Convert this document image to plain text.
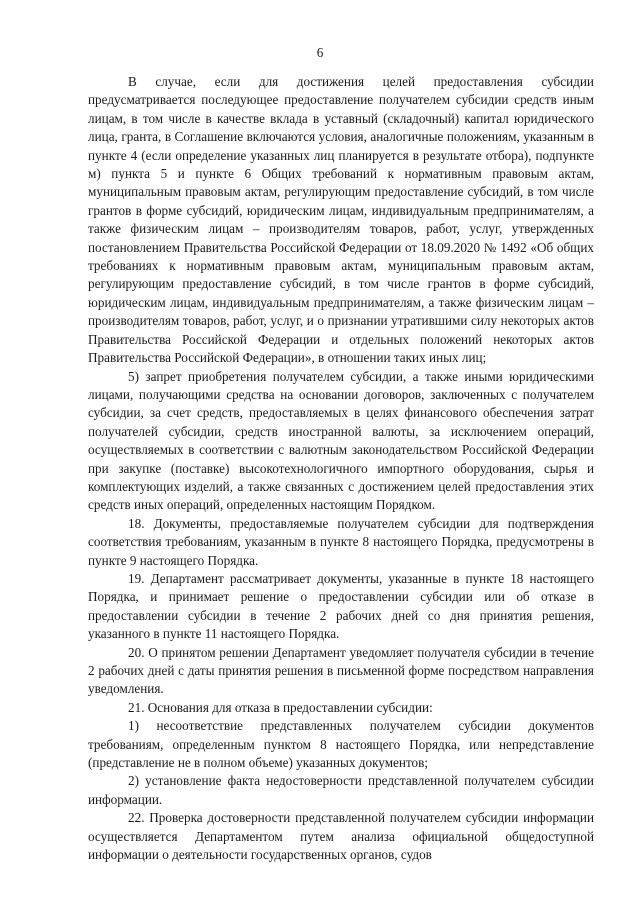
6

В случае, если для достижения целей предоставления субсидии предусматривается последующее предоставление получателем субсидии средств иным лицам, в том числе в качестве вклада в уставный (складочный) капитал юридического лица, гранта, в Соглашение включаются условия, аналогичные положениям, указанным в пункте 4 (если определение указанных лиц планируется в результате отбора), подпункте м) пункта 5 и пункте 6 Общих требований к нормативным правовым актам, муниципальным правовым актам, регулирующим предоставление субсидий, в том числе грантов в форме субсидий, юридическим лицам, индивидуальным предпринимателям, а также физическим лицам – производителям товаров, работ, услуг, утвержденных постановлением Правительства Российской Федерации от 18.09.2020 № 1492 «Об общих требованиях к нормативным правовым актам, муниципальным правовым актам, регулирующим предоставление субсидий, в том числе грантов в форме субсидий, юридическим лицам, индивидуальным предпринимателям, а также физическим лицам – производителям товаров, работ, услуг, и о признании утратившими силу некоторых актов Правительства Российской Федерации и отдельных положений некоторых актов Правительства Российской Федерации», в отношении таких иных лиц;

5) запрет приобретения получателем субсидии, а также иными юридическими лицами, получающими средства на основании договоров, заключенных с получателем субсидии, за счет средств, предоставляемых в целях финансового обеспечения затрат получателей субсидии, средств иностранной валюты, за исключением операций, осуществляемых в соответствии с валютным законодательством Российской Федерации при закупке (поставке) высокотехнологичного импортного оборудования, сырья и комплектующих изделий, а также связанных с достижением целей предоставления этих средств иных операций, определенных настоящим Порядком.

18. Документы, предоставляемые получателем субсидии для подтверждения соответствия требованиям, указанным в пункте 8 настоящего Порядка, предусмотрены в пункте 9 настоящего Порядка.

19. Департамент рассматривает документы, указанные в пункте 18 настоящего Порядка, и принимает решение о предоставлении субсидии или об отказе в предоставлении субсидии в течение 2 рабочих дней со дня принятия решения, указанного в пункте 11 настоящего Порядка.

20. О принятом решении Департамент уведомляет получателя субсидии в течение 2 рабочих дней с даты принятия решения в письменной форме посредством направления уведомления.

21. Основания для отказа в предоставлении субсидии:

1) несоответствие представленных получателем субсидии документов требованиям, определенным пунктом 8 настоящего Порядка, или непредставление (представление не в полном объеме) указанных документов;

2) установление факта недостоверности представленной получателем субсидии информации.

22. Проверка достоверности представленной получателем субсидии информации осуществляется Департаментом путем анализа официальной общедоступной информации о деятельности государственных органов, судов
